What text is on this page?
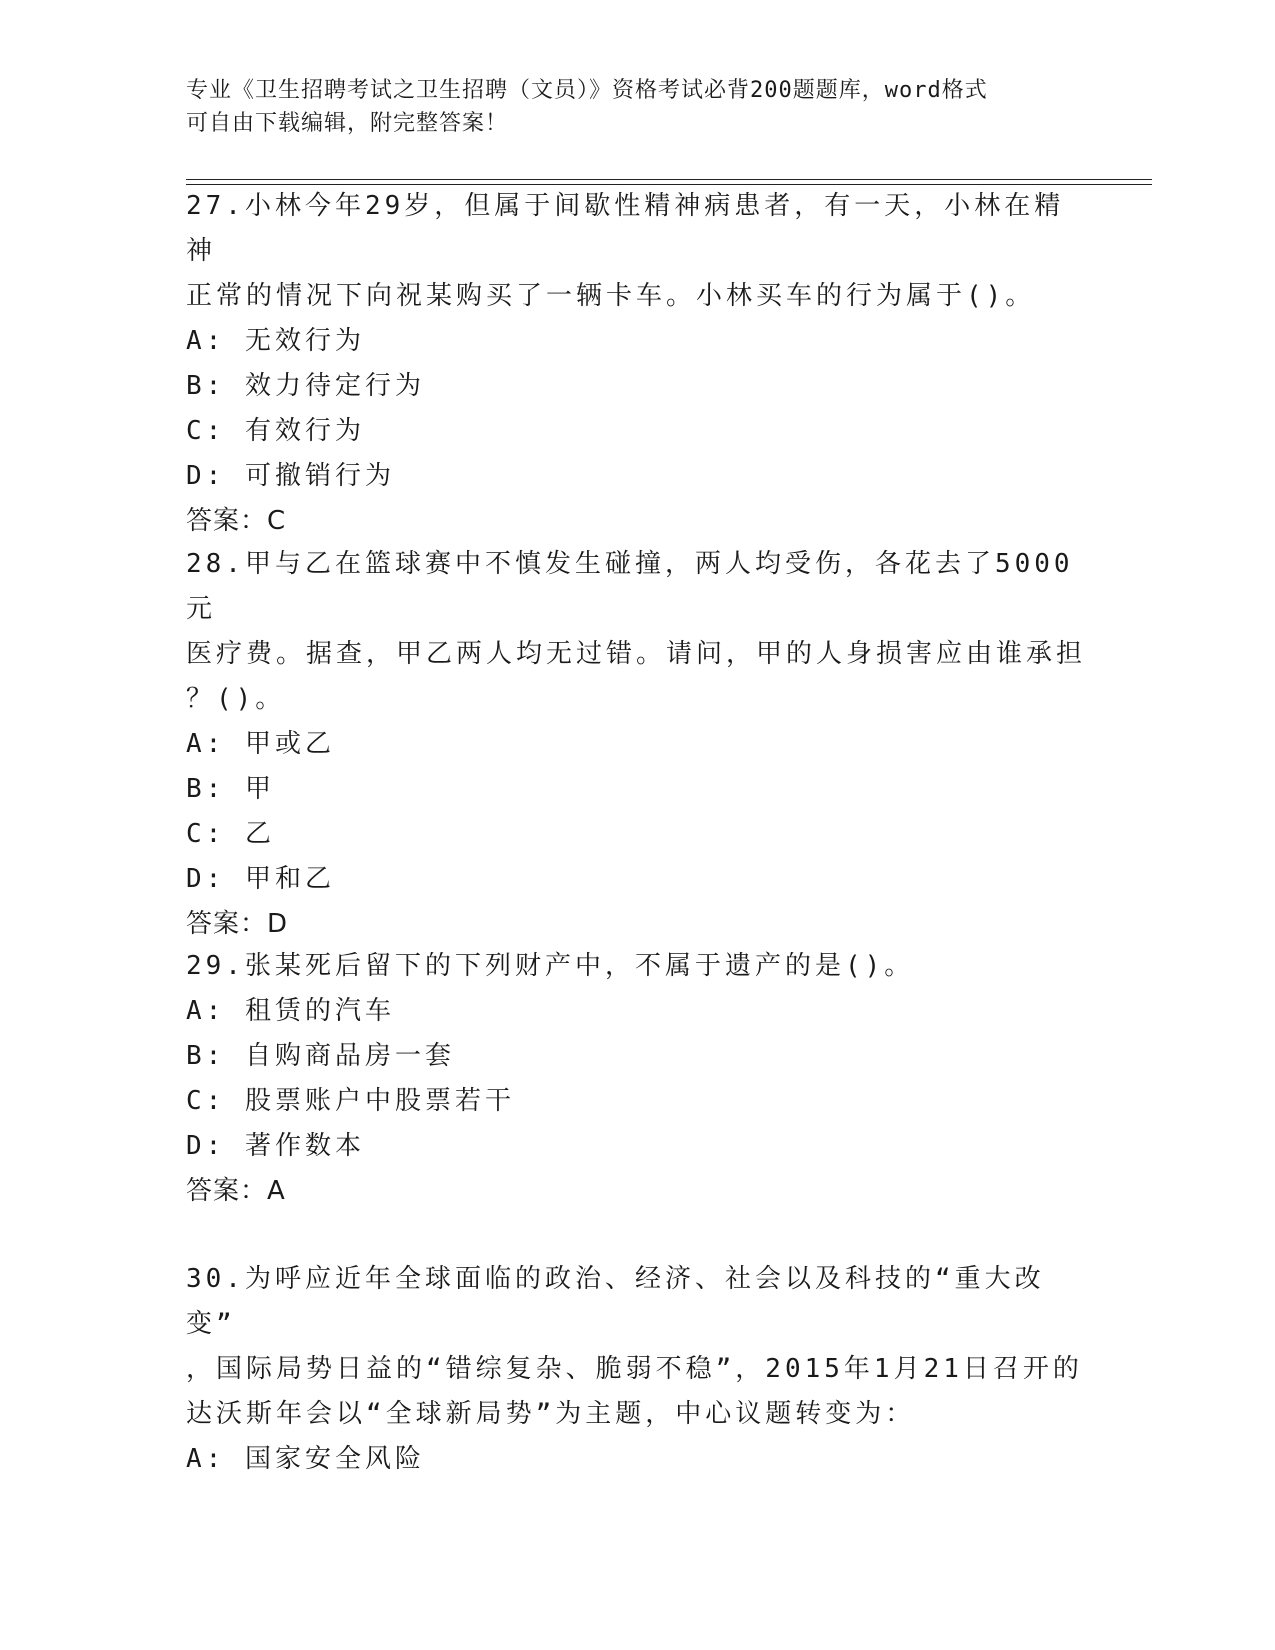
专业《卫生招聘考试之卫生招聘（文员）》资格考试必背200题题库，word格式
可自由下载编辑，附完整答案！

27.小林今年29岁，但属于间歇性精神病患者，有一天，小林在精神

正常的情况下向祝某购买了一辆卡车。小林买车的行为属于()。

A: 无效行为

B: 效力待定行为

C: 有效行为

D: 可撤销行为

答案：C

28.甲与乙在篮球赛中不慎发生碰撞，两人均受伤，各花去了5000元

医疗费。据查，甲乙两人均无过错。请问，甲的人身损害应由谁承担

？()。

A: 甲或乙

B: 甲

C: 乙

D: 甲和乙

答案：D

29.张某死后留下的下列财产中，不属于遗产的是()。

A: 租赁的汽车

B: 自购商品房一套

C: 股票账户中股票若干

D: 著作数本

答案：A

30.为呼应近年全球面临的政治、经济、社会以及科技的“重大改变”

，国际局势日益的“错综复杂、脆弱不稳”，2015年1月21日召开的

达沃斯年会以“全球新局势”为主题，中心议题转变为：

A: 国家安全风险
